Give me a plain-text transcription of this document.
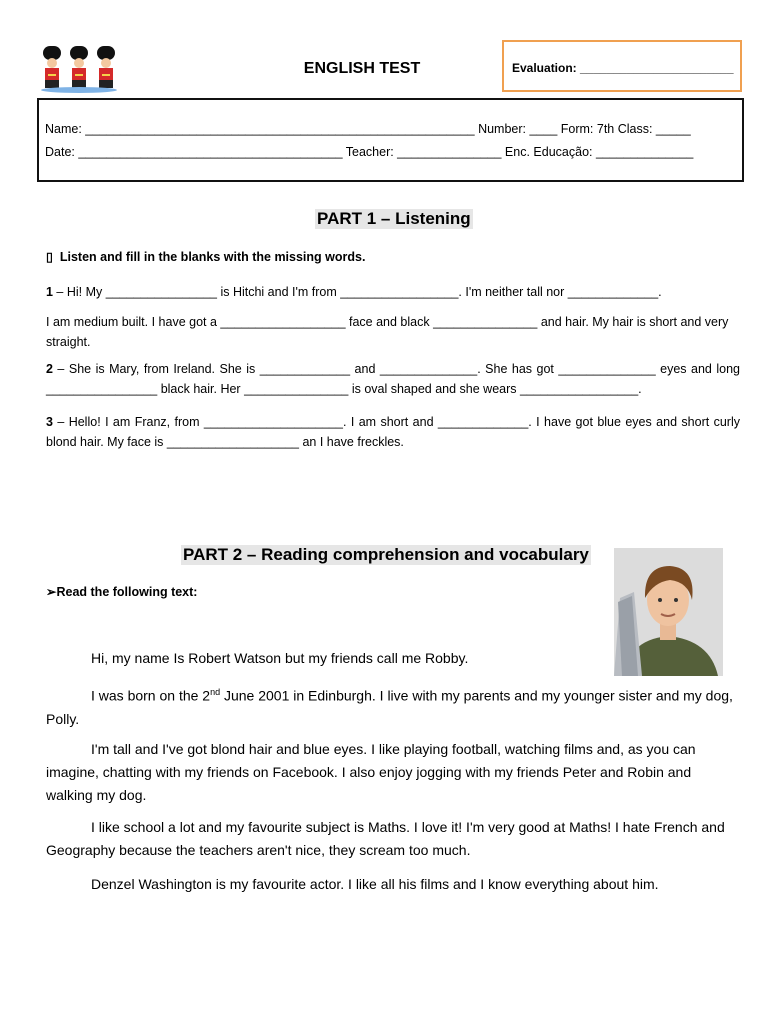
ENGLISH TEST	Evaluation: _______________________
Name: ________________________________________________________ Number: ____ Form: 7th Class: _____
Date: ______________________________________ Teacher: _______________ Enc. Educação: ______________
PART 1 – Listening
▯ Listen and fill in the blanks with the missing words.
1 – Hi! My ________________ is Hitchi and I'm from _________________. I'm neither tall nor _____________.
I am medium built. I have got a __________________ face and black _______________ and hair. My hair is short and very straight.
2 – She is Mary, from Ireland. She is _____________ and ______________. She has got ______________ eyes and long ________________ black hair. Her _______________ is oval shaped and she wears _________________.
3 – Hello! I am Franz, from ____________________. I am short and _____________. I have got blue eyes and short curly blond hair. My face is ___________________ an I have freckles.
PART 2 – Reading comprehension and vocabulary
➢Read the following text:
Hi, my name Is Robert Watson but my friends call me Robby.
I was born on the 2nd June 2001 in Edinburgh. I live with my parents and my younger sister and my dog, Polly.
I'm tall and I've got blond hair and blue eyes. I like playing football, watching films and, as you can imagine, chatting with my friends on Facebook. I also enjoy jogging with my friends Peter and Robin and walking my dog.
I like school a lot and my favourite subject is Maths. I love it! I'm very good at Maths! I hate French and Geography because the teachers aren't nice, they scream too much.
Denzel Washington is my favourite actor. I like all his films and I know everything about him.
